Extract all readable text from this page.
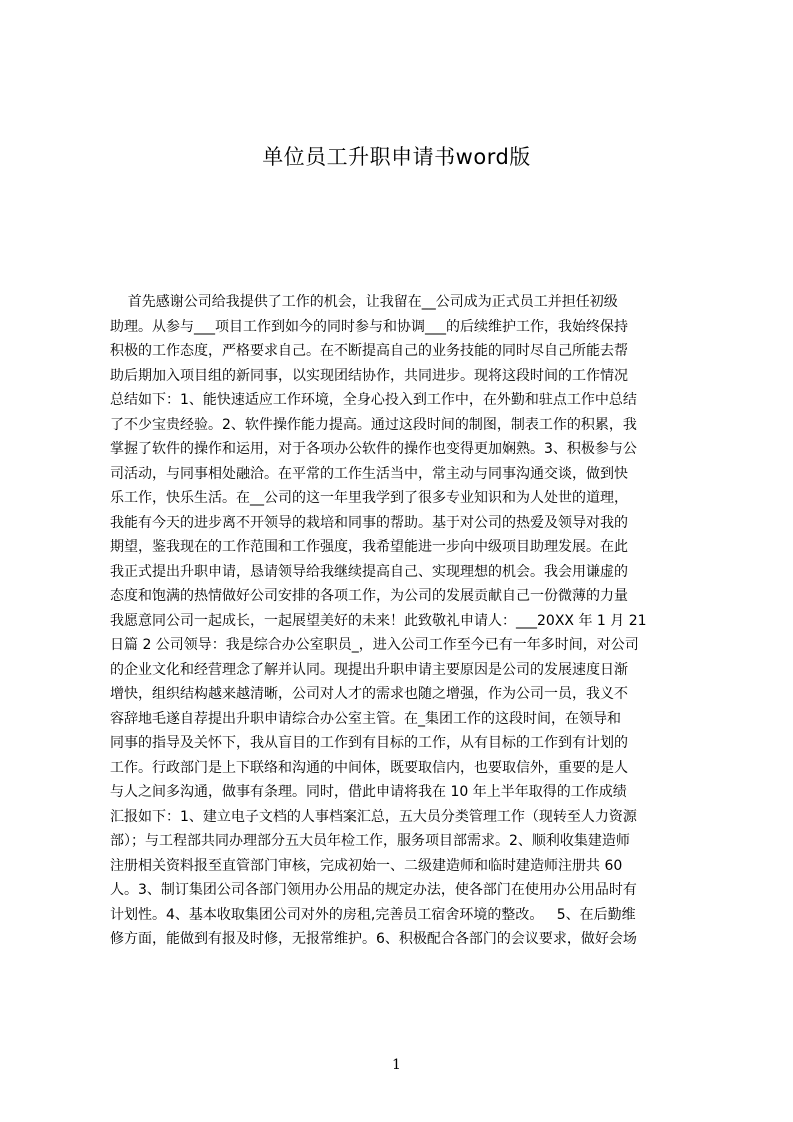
单位员工升职申请书word版
首先感谢公司给我提供了工作的机会，让我留在__公司成为正式员工并担任初级
助理。从参与___项目工作到如今的同时参与和协调___的后续维护工作，我始终保持
积极的工作态度，严格要求自己。在不断提高自己的业务技能的同时尽自己所能去帮
助后期加入项目组的新同事，以实现团结协作，共同进步。现将这段时间的工作情况
总结如下：1、能快速适应工作环境，全身心投入到工作中，在外勤和驻点工作中总结
了不少宝贵经验。2、软件操作能力提高。通过这段时间的制图，制表工作的积累，我
掌握了软件的操作和运用，对于各项办公软件的操作也变得更加娴熟。3、积极参与公
司活动，与同事相处融洽。在平常的工作生活当中，常主动与同事沟通交谈，做到快
乐工作，快乐生活。在__公司的这一年里我学到了很多专业知识和为人处世的道理，
我能有今天的进步离不开领导的栽培和同事的帮助。基于对公司的热爱及领导对我的
期望，鉴我现在的工作范围和工作强度，我希望能进一步向中级项目助理发展。在此
我正式提出升职申请，恳请领导给我继续提高自己、实现理想的机会。我会用谦虚的
态度和饱满的热情做好公司安排的各项工作，为公司的发展贡献自己一份微薄的力量
我愿意同公司一起成长，一起展望美好的未来！此致敬礼申请人：___20XX 年 1 月 21
日篇 2 公司领导：我是综合办公室职员_，进入公司工作至今已有一年多时间，对公司
的企业文化和经营理念了解并认同。现提出升职申请主要原因是公司的发展速度日渐
增快，组织结构越来越清晰，公司对人才的需求也随之增强，作为公司一员，我义不
容辞地毛遂自荐提出升职申请综合办公室主管。在_集团工作的这段时间，在领导和
同事的指导及关怀下，我从盲目的工作到有目标的工作，从有目标的工作到有计划的
工作。行政部门是上下联络和沟通的中间体，既要取信内，也要取信外，重要的是人
与人之间多沟通，做事有条理。同时，借此申请将我在 10 年上半年取得的工作成绩
汇报如下：1、建立电子文档的人事档案汇总，五大员分类管理工作（现转至人力资源
部）；与工程部共同办理部分五大员年检工作，服务项目部需求。2、顺利收集建造师
注册相关资料报至直管部门审核，完成初始一、二级建造师和临时建造师注册共 60
人。3、制订集团公司各部门领用办公用品的规定办法，使各部门在使用办公用品时有
计划性。4、基本收取集团公司对外的房租,完善员工宿舍环境的整改。   5、在后勤维
修方面，能做到有报及时修，无报常维护。6、积极配合各部门的会议要求，做好会场
1
